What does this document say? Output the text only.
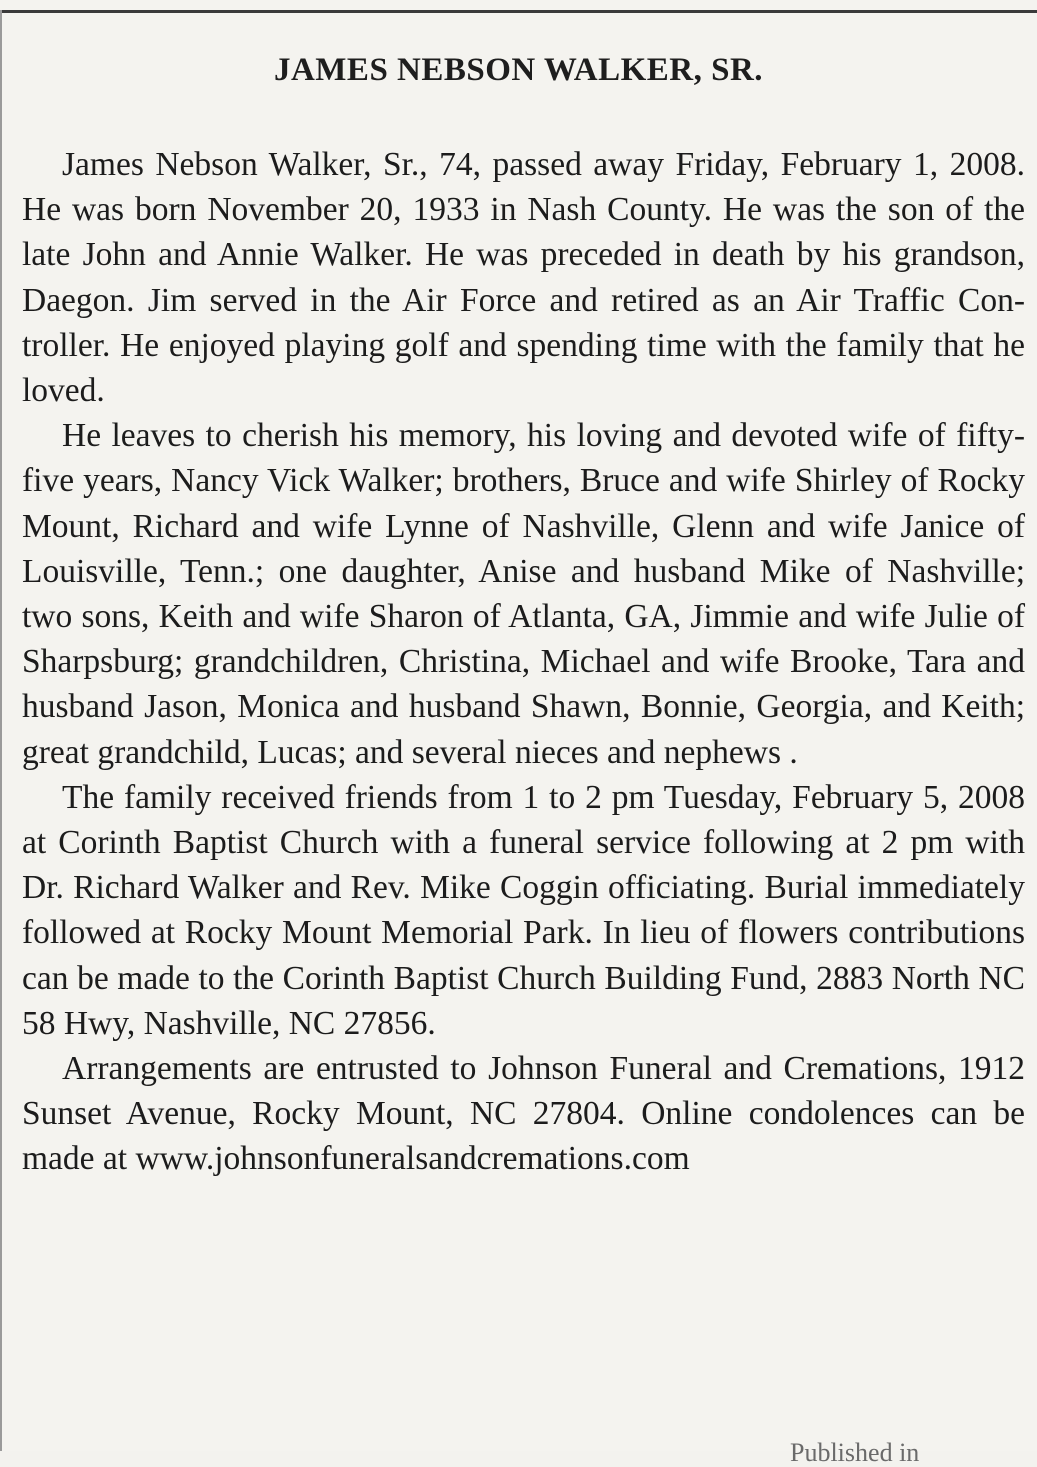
JAMES NEBSON WALKER, SR.

James Nebson Walker, Sr., 74, passed away Friday, February 1, 2008. He was born November 20, 1933 in Nash County. He was the son of the late John and Annie Walker. He was preceded in death by his grandson, Daegon. Jim served in the Air Force and retired as an Air Traffic Controller. He enjoyed playing golf and spending time with the family that he loved.

He leaves to cherish his memory, his loving and devoted wife of fifty-five years, Nancy Vick Walker; brothers, Bruce and wife Shirley of Rocky Mount, Richard and wife Lynne of Nashville, Glenn and wife Janice of Louisville, Tenn.; one daughter, Anise and husband Mike of Nashville; two sons, Keith and wife Sharon of Atlanta, GA, Jimmie and wife Julie of Sharpsburg; grandchildren, Christina, Michael and wife Brooke, Tara and husband Jason, Monica and husband Shawn, Bonnie, Georgia, and Keith; great grandchild, Lucas; and several nieces and nephews .

The family received friends from 1 to 2 pm Tuesday, February 5, 2008 at Corinth Baptist Church with a funeral service following at 2 pm with Dr. Richard Walker and Rev. Mike Coggin officiating. Burial immediately followed at Rocky Mount Memorial Park. In lieu of flowers contributions can be made to the Corinth Baptist Church Building Fund, 2883 North NC 58 Hwy, Nashville, NC 27856.

Arrangements are entrusted to Johnson Funeral and Cremations, 1912 Sunset Avenue, Rocky Mount, NC 27804. Online condolences can be made at www.johnsonfuneralsandcremations.com

Published in
